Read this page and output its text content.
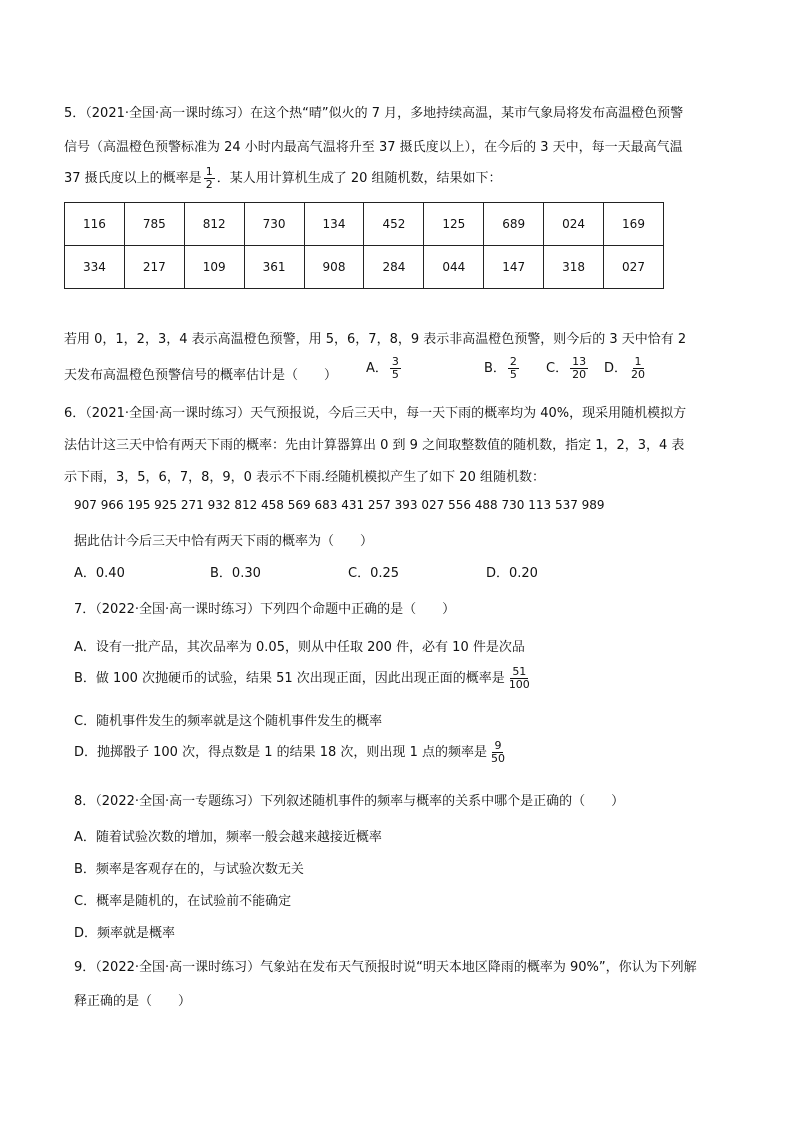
5．（2021·全国·高一课时练习）在这个热“晴”似火的 7 月，多地持续高温，某市气象局将发布高温橙色预警
信号（高温橙色预警标准为 24 小时内最高气温将升至 37 摄氏度以上），在今后的 3 天中，每一天最高气温
37 摄氏度以上的概率是 $\frac{1}{2}$ ．某人用计算机生成了 20 组随机数，结果如下：
116	785	812	730	134	452	125	689	024	169
334	217	109	361	908	284	044	147	318	027
若用 0，1，2，3，4 表示高温橙色预警，用 5，6，7，8，9 表示非高温橙色预警，则今后的 3 天中恰有 2
天发布高温橙色预警信号的概率估计是（　　） A． $\frac{3}{5}$	B． $\frac{2}{5}$ C． $\frac{13}{20}$ D． $\frac{1}{20}$
6．（2021·全国·高一课时练习）天气预报说，今后三天中，每一天下雨的概率均为 40%，现采用随机模拟方
法估计这三天中恰有两天下雨的概率：先由计算器算出 0 到 9 之间取整数值的随机数，指定 1，2，3，4 表
示下雨，3，5，6，7，8，9，0 表示不下雨.经随机模拟产生了如下 20 组随机数：
907 966 195 925 271 932 812 458 569 683 431 257 393 027 556 488 730 113 537 989
据此估计今后三天中恰有两天下雨的概率为（　　）
A．0.40	B．0.30	C．0.25	D．0.20
7．（2022·全国·高一课时练习）下列四个命题中正确的是（　　）
A．设有一批产品，其次品率为 0.05，则从中任取 200 件，必有 10 件是次品
B．做 100 次抛硬币的试验，结果 51 次出现正面，因此出现正面的概率是 $\frac{51}{100}$
C．随机事件发生的频率就是这个随机事件发生的概率
D．抛掷骰子 100 次，得点数是 1 的结果 18 次，则出现 1 点的频率是 $\frac{9}{50}$
8．（2022·全国·高一专题练习）下列叙述随机事件的频率与概率的关系中哪个是正确的（　　）
A．随着试验次数的增加，频率一般会越来越接近概率
B．频率是客观存在的，与试验次数无关
C．概率是随机的，在试验前不能确定
D．频率就是概率
9．（2022·全国·高一课时练习）气象站在发布天气预报时说“明天本地区降雨的概率为 90%”，你认为下列解
释正确的是（　　）
